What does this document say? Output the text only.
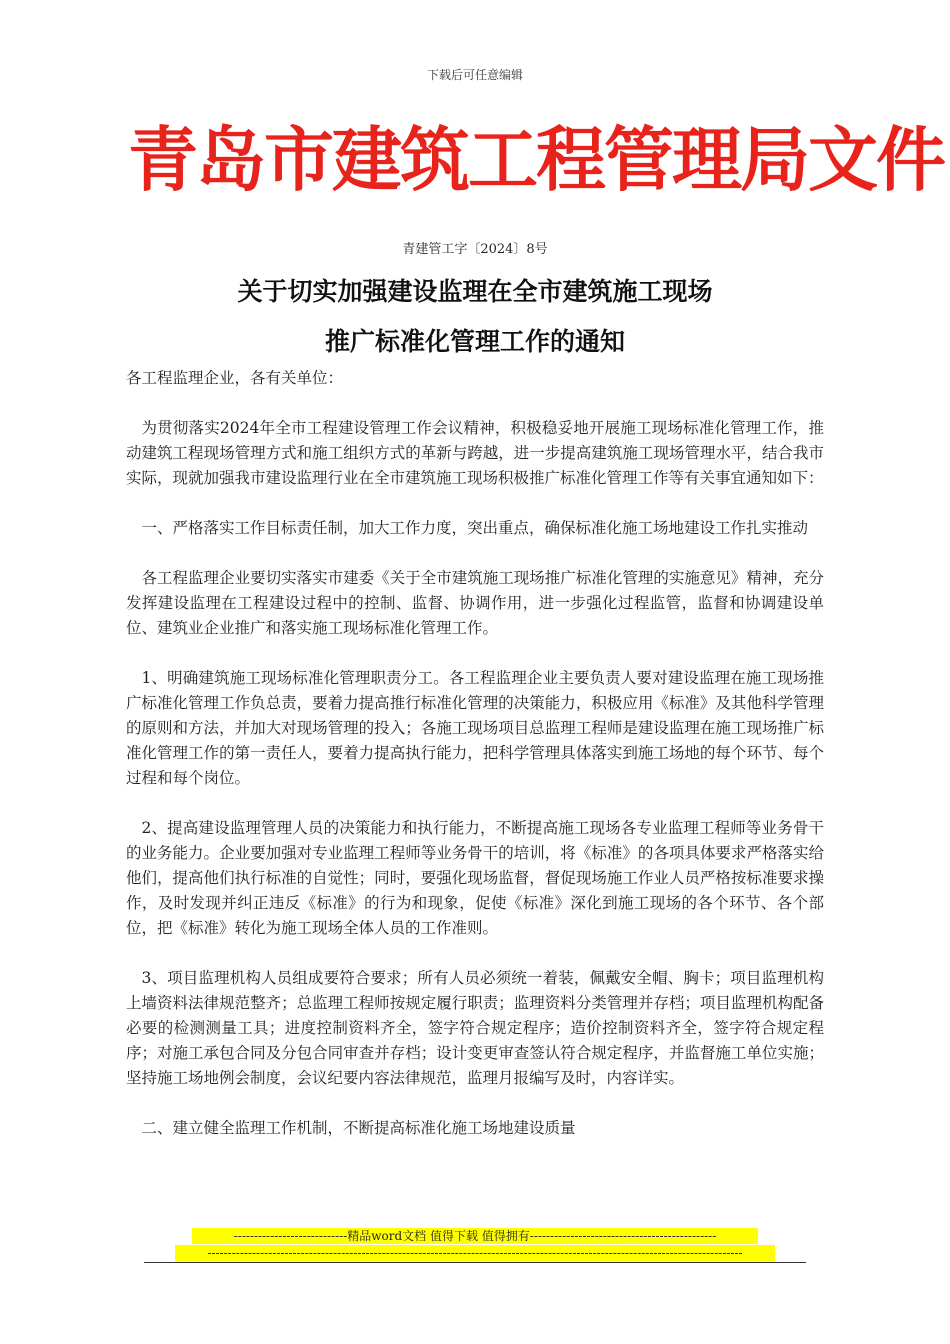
下载后可任意编辑
青岛市建筑工程管理局文件
青建管工字〔2024〕8号
关于切实加强建设监理在全市建筑施工现场
推广标准化管理工作的通知

各工程监理企业，各有关单位：

为贯彻落实2024年全市工程建设管理工作会议精神，积极稳妥地开展施工现场标准化管理工作，推动建筑工程现场管理方式和施工组织方式的革新与跨越，进一步提高建筑施工现场管理水平，结合我市实际，现就加强我市建设监理行业在全市建筑施工现场积极推广标准化管理工作等有关事宜通知如下：

一、严格落实工作目标责任制，加大工作力度，突出重点，确保标准化施工场地建设工作扎实推动

各工程监理企业要切实落实市建委《关于全市建筑施工现场推广标准化管理的实施意见》精神，充分发挥建设监理在工程建设过程中的控制、监督、协调作用，进一步强化过程监管，监督和协调建设单位、建筑业企业推广和落实施工现场标准化管理工作。

1、明确建筑施工现场标准化管理职责分工。各工程监理企业主要负责人要对建设监理在施工现场推广标准化管理工作负总责，要着力提高推行标准化管理的决策能力，积极应用《标准》及其他科学管理的原则和方法，并加大对现场管理的投入；各施工现场项目总监理工程师是建设监理在施工现场推广标准化管理工作的第一责任人，要着力提高执行能力，把科学管理具体落实到施工场地的每个环节、每个过程和每个岗位。

2、提高建设监理管理人员的决策能力和执行能力，不断提高施工现场各专业监理工程师等业务骨干的业务能力。企业要加强对专业监理工程师等业务骨干的培训，将《标准》的各项具体要求严格落实给他们，提高他们执行标准的自觉性；同时，要强化现场监督，督促现场施工作业人员严格按标准要求操作，及时发现并纠正违反《标准》的行为和现象，促使《标准》深化到施工现场的各个环节、各个部位，把《标准》转化为施工现场全体人员的工作准则。

3、项目监理机构人员组成要符合要求；所有人员必须统一着装，佩戴安全帽、胸卡；项目监理机构上墙资料法律规范整齐；总监理工程师按规定履行职责；监理资料分类管理并存档；项目监理机构配备必要的检测测量工具；进度控制资料齐全，签字符合规定程序；造价控制资料齐全，签字符合规定程序；对施工承包合同及分包合同审查并存档；设计变更审查签认符合规定程序，并监督施工单位实施；坚持施工场地例会制度，会议纪要内容法律规范，监理月报编写及时，内容详实。

二、建立健全监理工作机制，不断提高标准化施工场地建设质量

----------------------------精品word文档 值得下载 值得拥有----------------------------------------------
------------------------------------------------------------------------------------------------------------------------------------
